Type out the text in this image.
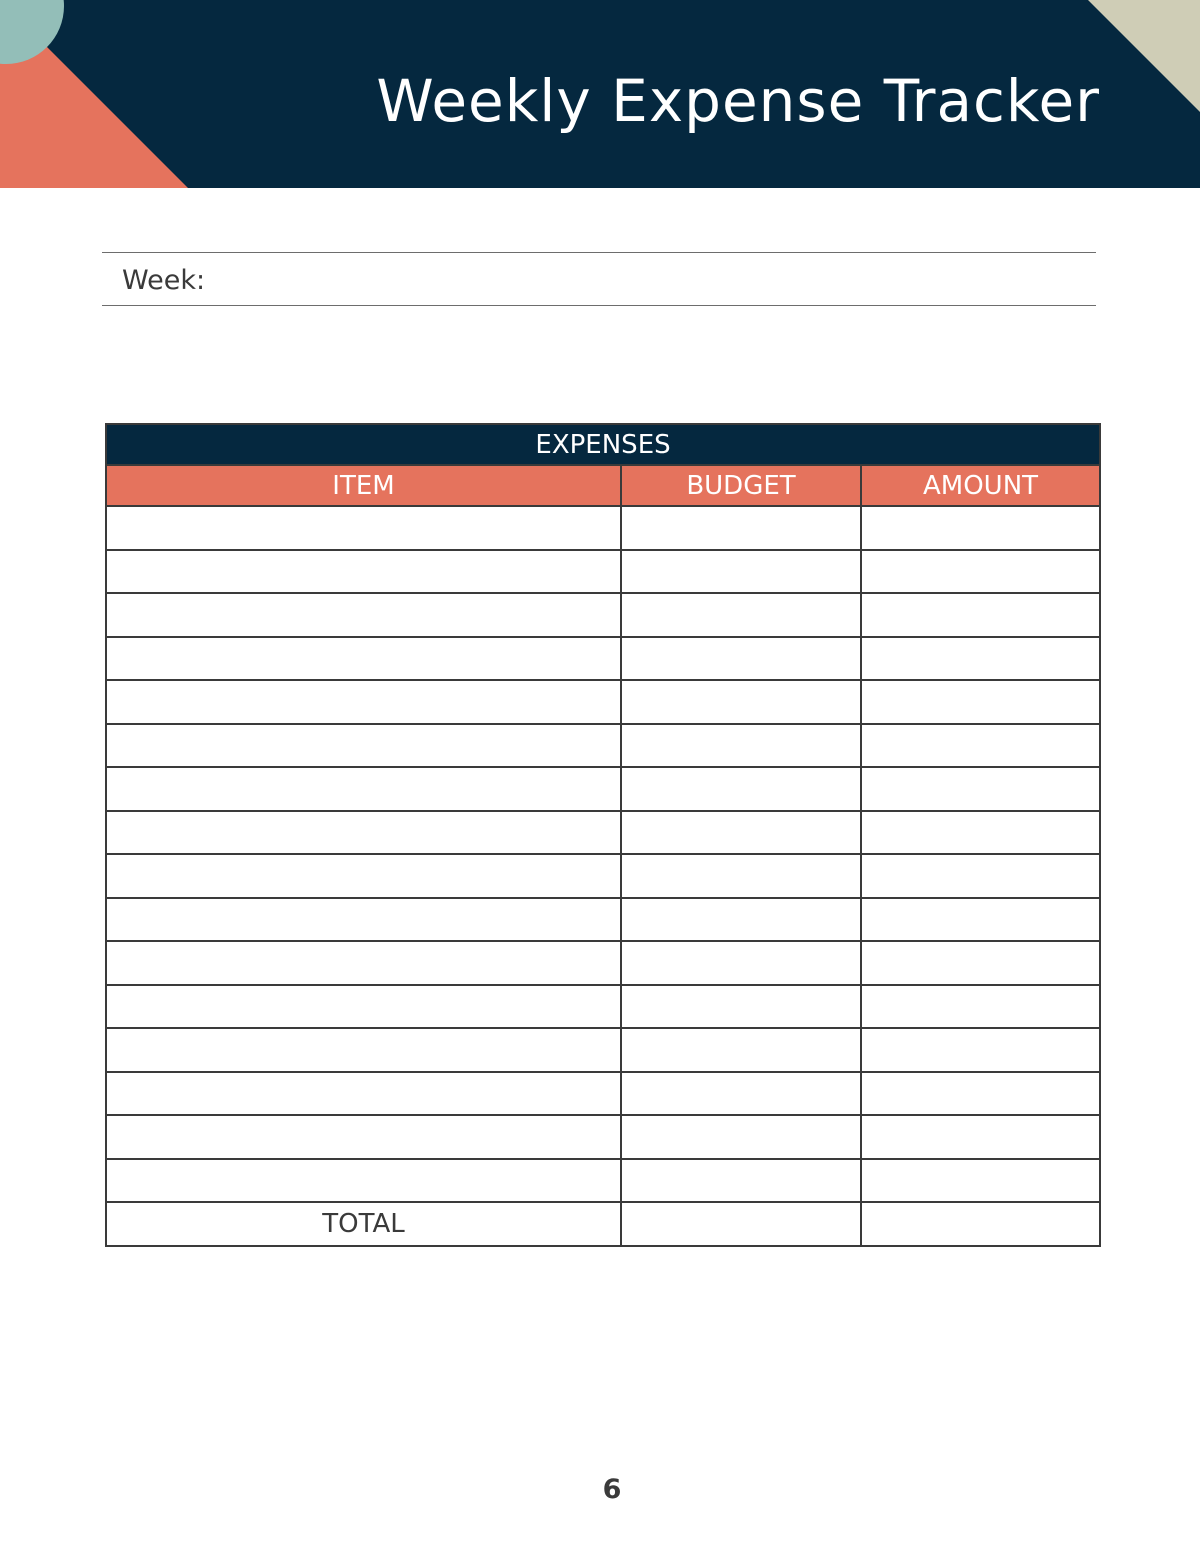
Weekly Expense Tracker
Week:
EXPENSES		
ITEM	BUDGET	AMOUNT

TOTAL		
6
